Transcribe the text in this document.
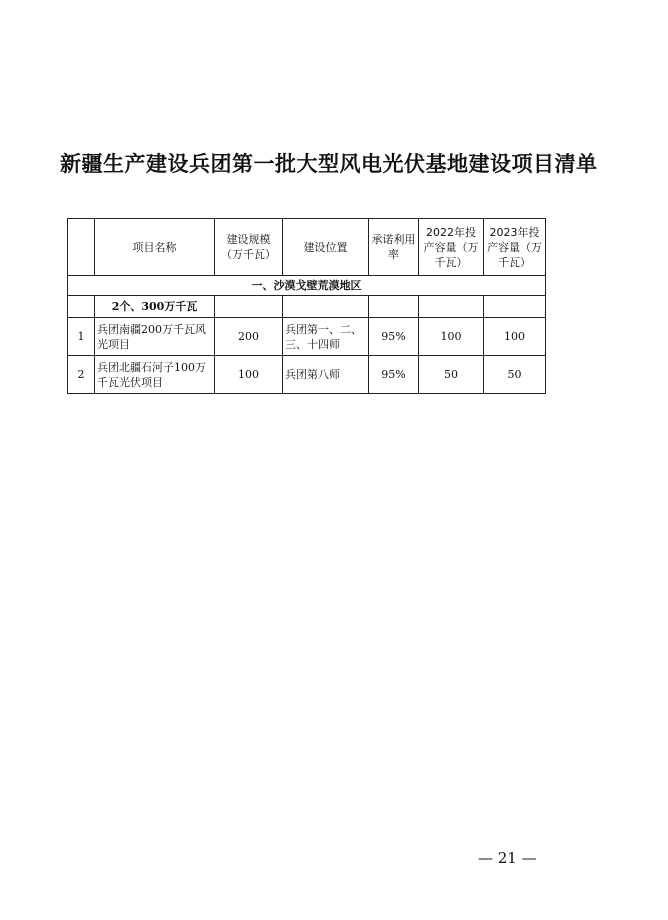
新疆生产建设兵团第一批大型风电光伏基地建设项目清单
	项目名称	建设规模（万千瓦）	建设位置	承诺利用率	2022年投产容量（万千瓦）	2023年投产容量（万千瓦）
一、沙漠戈壁荒漠地区						
	2个、300万千瓦					
1	兵团南疆200万千瓦风光项目	200	兵团第一、二、三、十四师	95%	100	100
2	兵团北疆石河子100万千瓦光伏项目	100	兵团第八师	95%	50	50
— 21 —
